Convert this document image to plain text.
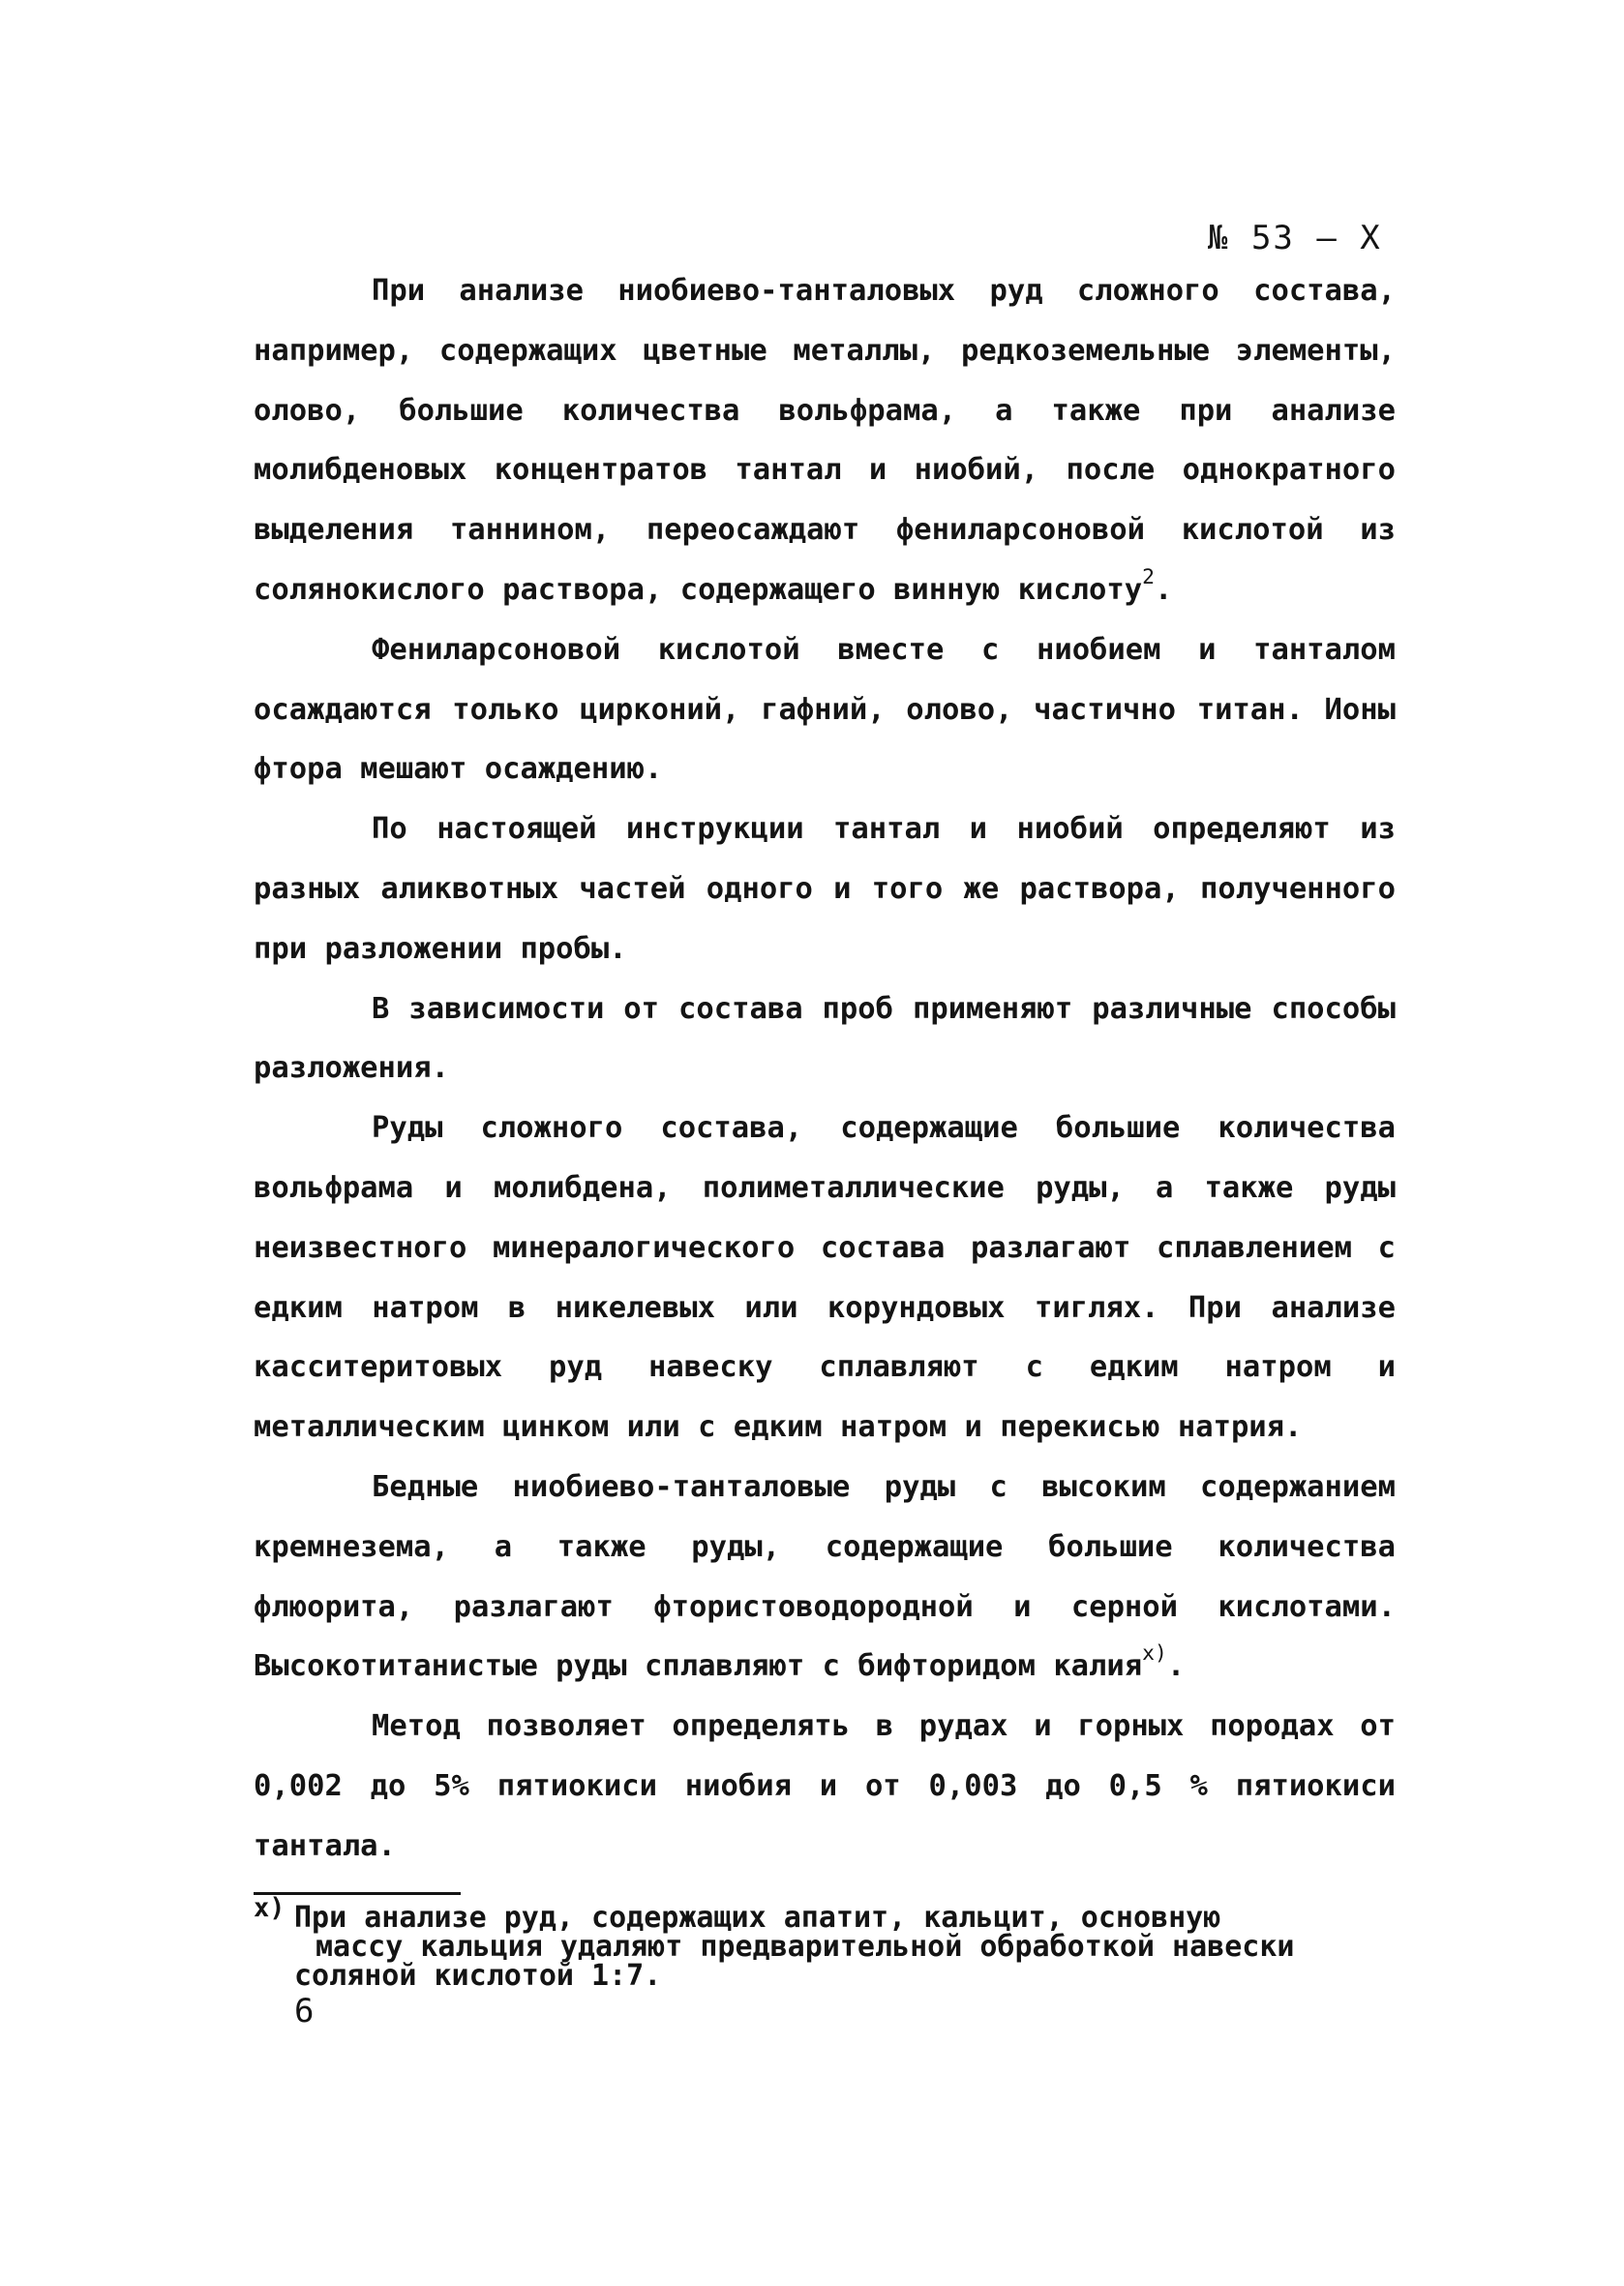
№ 53 – Х

При анализе ниобиево-танталовых руд сложного состава, например, содержащих цветные металлы, редкоземельные элементы, олово, большие количества вольфрама, а также при анализе молибденовых концентратов тантал и ниобий, после однократного выделения таннином, переосаждают фениларсоновой кислотой из солянокислого раствора, содержащего винную кислоту$^2$.

Фениларсоновой кислотой вместе с ниобием и танталом осаждаются только цирконий, гафний, олово, частично титан. Ионы фтора мешают осаждению.

По настоящей инструкции тантал и ниобий определяют из разных аликвотных частей одного и того же раствора, полученного при разложении пробы.

В зависимости от состава проб применяют различные способы разложения.

Руды сложного состава, содержащие большие количества вольфрама и молибдена, полиметаллические руды, а также руды неизвестного минералогического состава разлагают сплавлением с едким натром в никелевых или корундовых тиглях. При анализе касситеритовых руд навеску сплавляют с едким натром и металлическим цинком или с едким натром и перекисью натрия.

Бедные ниобиево-танталовые руды с высоким содержанием кремнезема, а также руды, содержащие большие количества флюорита, разлагают фтористоводородной и серной кислотами. Высокотитанистые руды сплавляют с бифторидом калия$^{x)}$.

Метод позволяет определять в рудах и горных породах от 0,002 до 5% пятиокиси ниобия и от 0,003 до 0,5 % пятиокиси тантала.

x) При анализе руд, содержащих апатит, кальцит, основную
массу кальция удаляют предварительной обработкой навески
соляной кислотой 1:7.
6
